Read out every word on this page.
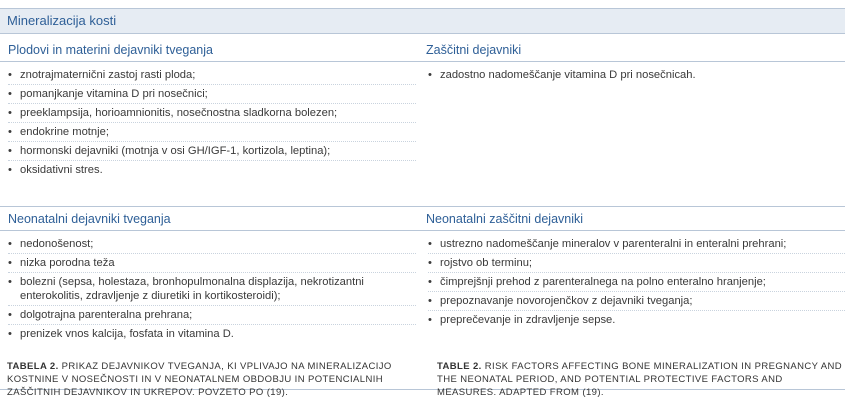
Mineralizacija kosti
Plodovi in materini dejavniki tveganja	Zaščitni dejavniki
• znotrajmaternični zastoj rasti ploda;
• pomanjkanje vitamina D pri nosečnici;
• preeklampsija, horioamnionitis, nosečnostna sladkorna bolezen;
• endokrine motnje;
• hormonski dejavniki (motnja v osi GH/IGF-1, kortizola, leptina);
• oksidativni stres.
• zadostno nadomeščanje vitamina D pri nosečnicah.
Neonatalni dejavniki tveganja	Neonatalni zaščitni dejavniki
• nedonošenost;
• nizka porodna teža
• bolezni (sepsa, holestaza, bronhopulmonalna displazija, nekrotizantni enterokolitis, zdravljenje z diuretiki in kortikosteroidi);
• dolgotrajna parenteralna prehrana;
• prenizek vnos kalcija, fosfata in vitamina D.
• ustrezno nadomeščanje mineralov v parenteralni in enteralni prehrani;
• rojstvo ob terminu;
• čimprejšnji prehod z parenteralnega na polno enteralno hranjenje;
• prepoznavanje novorojenčkov z dejavniki tveganja;
• preprečevanje in zdravljenje sepse.
TABELA 2. PRIKAZ DEJAVNIKOV TVEGANJA, KI VPLIVAJO NA MINERALIZACIJO KOSTNINE V NOSEČNOSTI IN V NEONATALNEM OBDOBJU IN POTENCIALNIH ZAŠČITNIH DEJAVNIKOV IN UKREPOV. POVZETO PO (19).
TABLE 2. RISK FACTORS AFFECTING BONE MINERALIZATION IN PREGNANCY AND THE NEONATAL PERIOD, AND POTENTIAL PROTECTIVE FACTORS AND MEASURES. ADAPTED FROM (19).
